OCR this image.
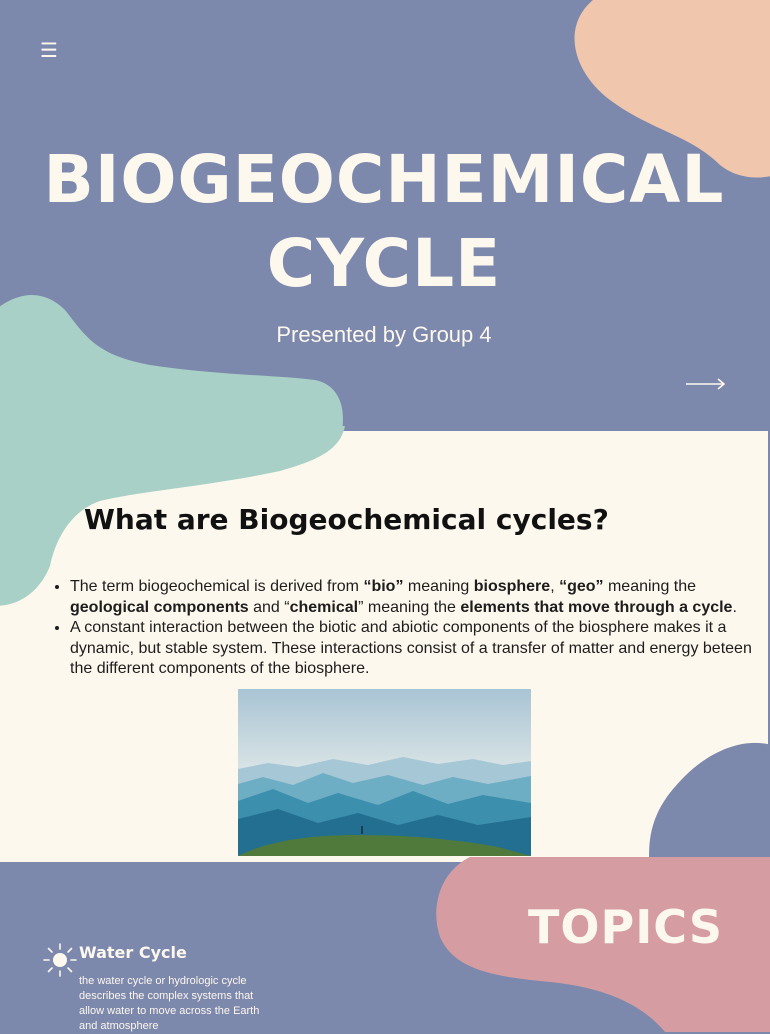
☰
BIOGEOCHEMICAL
CYCLE
Presented by Group 4
What are Biogeochemical cycles?
• The term biogeochemical is derived from “bio” meaning biosphere, “geo” meaning the geological components and “chemical” meaning the elements that move through a cycle.
• A constant interaction between the biotic and abiotic components of the biosphere makes it a dynamic, but stable system. These interactions consist of a transfer of matter and energy beteen the different components of the biosphere.
TOPICS
Water Cycle
the water cycle or hydrologic cycle describes the complex systems that allow water to move across the Earth and atmosphere
